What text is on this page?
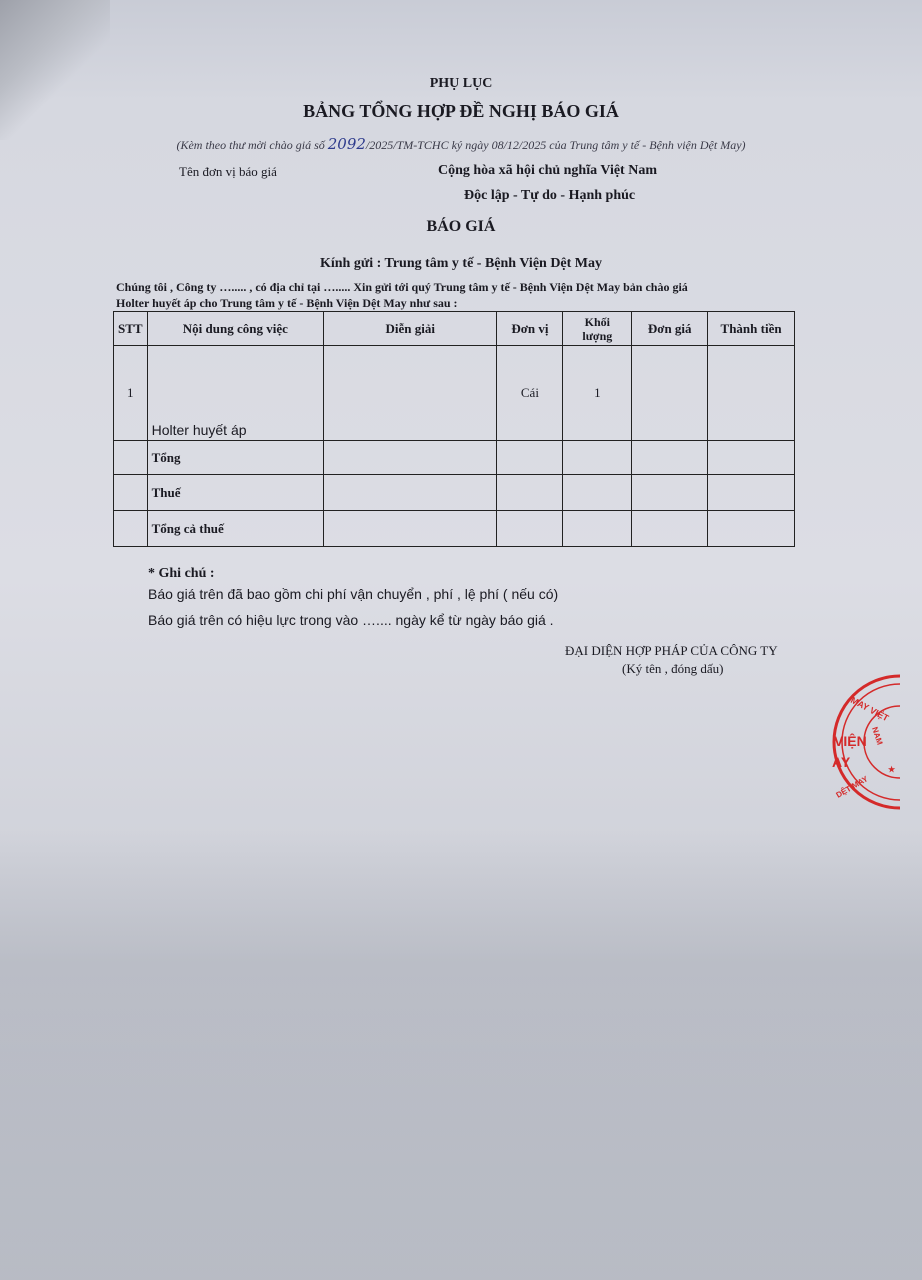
PHỤ LỤC
BẢNG TỔNG HỢP ĐỀ NGHỊ BÁO GIÁ
(Kèm theo thư mời chào giá số 2092/2025/TM-TCHC ký ngày 08/12/2025 của Trung tâm y tế - Bệnh viện Dệt May)
Tên đơn vị báo giá	Cộng hòa xã hội chủ nghĩa Việt Nam
Độc lập - Tự do - Hạnh phúc
BÁO GIÁ
Kính gửi : Trung tâm y tế - Bệnh Viện Dệt May
Chúng tôi , Công ty …..... , có địa chỉ tại …..... Xin gửi tới quý Trung tâm y tế - Bệnh Viện Dệt May bản chào giá
Holter huyết áp cho Trung tâm y tế - Bệnh Viện Dệt May như sau :
STT	Nội dung công việc	Diễn giải	Đơn vị	Khối lượng	Đơn giá	Thành tiền
1	Holter huyết áp		Cái	1		
	Tổng					
	Thuế					
	Tổng cả thuế					
* Ghi chú :
Báo giá trên đã bao gồm chi phí vận chuyển , phí , lệ phí ( nếu có)
Báo giá trên có hiệu lực trong vào ….... ngày kể từ ngày báo giá .
ĐẠI DIỆN HỢP PHÁP CỦA CÔNG TY
(Ký tên , đóng dấu)
MAY VIỆT
NAM
VIỆN
AY
DỆT MAY
★
